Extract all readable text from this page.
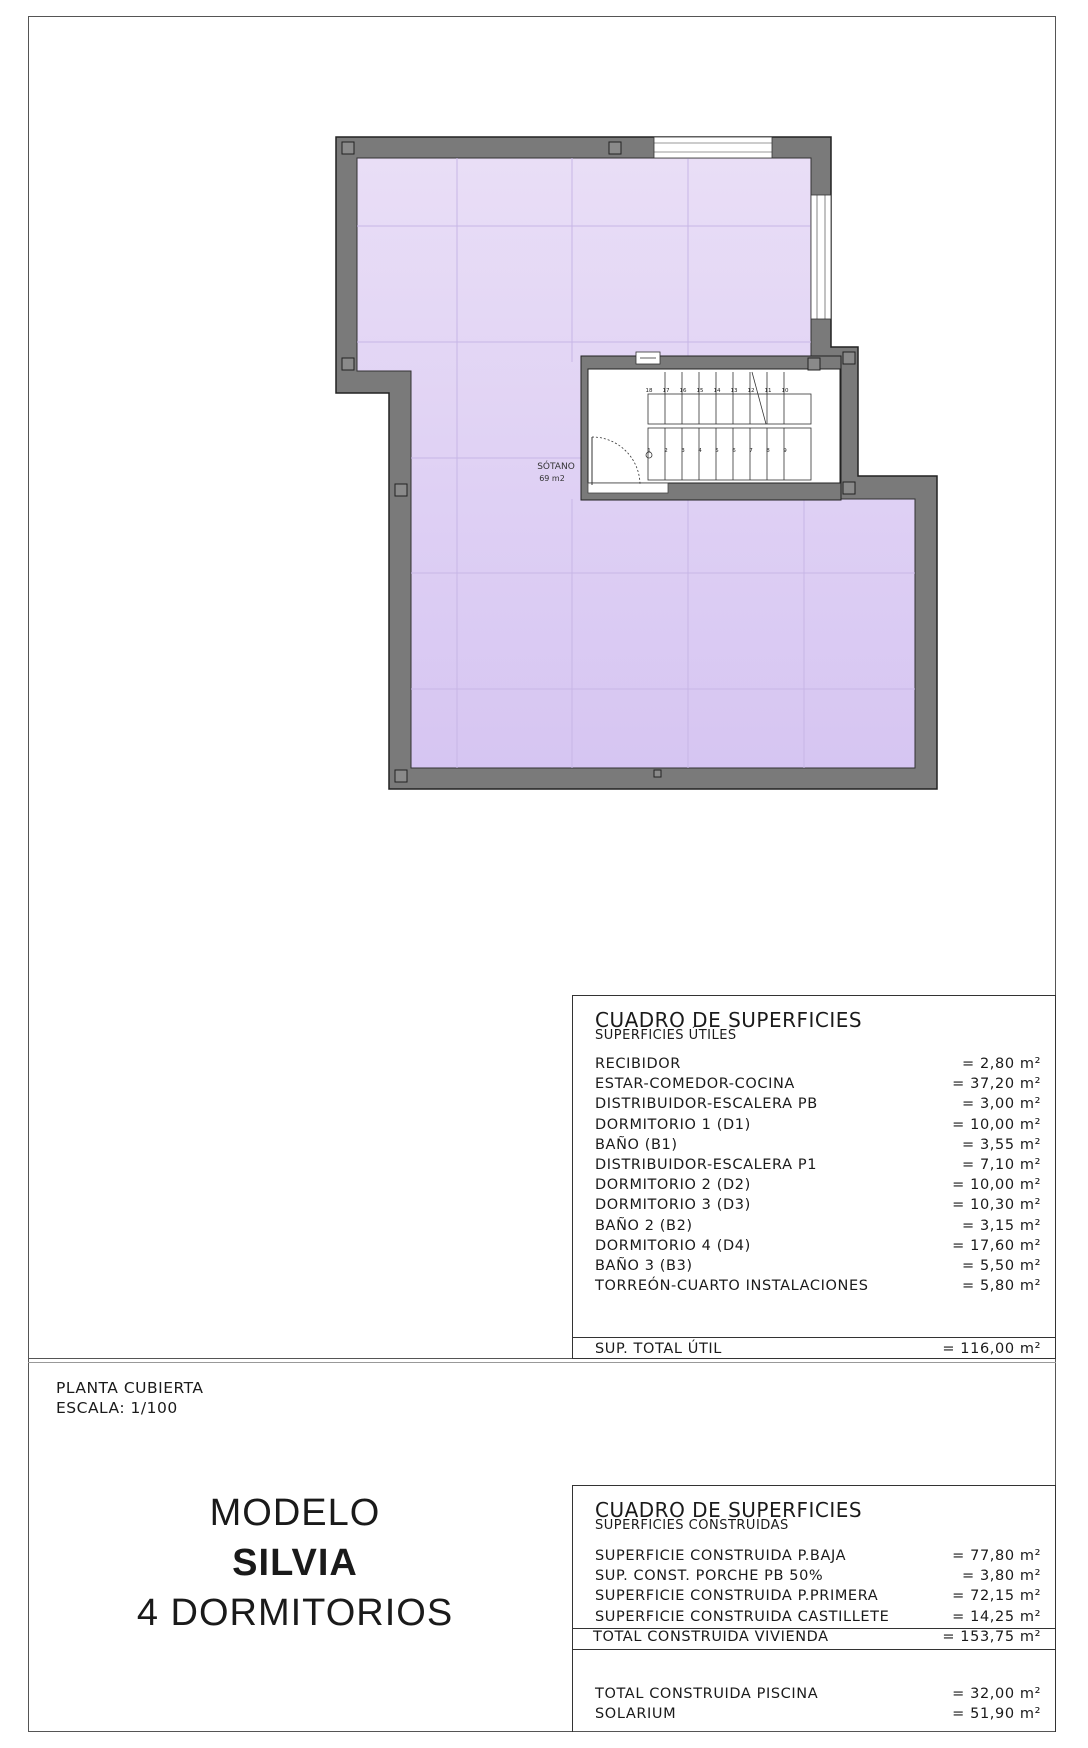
18 17 16 15 14 13 12 11 10
1 2 3 4 5 6 7 8 9
SÓTANO
69 m2
CUADRO DE SUPERFICIES
SUPERFICIES ÚTILES
RECIBIDOR	= 2,80 m²
ESTAR-COMEDOR-COCINA	= 37,20 m²
DISTRIBUIDOR-ESCALERA PB	= 3,00 m²
DORMITORIO 1 (D1)	= 10,00 m²
BAÑO (B1)	= 3,55 m²
DISTRIBUIDOR-ESCALERA P1	= 7,10 m²
DORMITORIO 2 (D2)	= 10,00 m²
DORMITORIO 3 (D3)	= 10,30 m²
BAÑO 2 (B2)	= 3,15 m²
DORMITORIO 4 (D4)	= 17,60 m²
BAÑO 3 (B3)	= 5,50 m²
TORREÓN-CUARTO INSTALACIONES	= 5,80 m²
SUP. TOTAL ÚTIL	= 116,00 m²
PLANTA CUBIERTA
ESCALA: 1/100
MODELO
SILVIA
4 DORMITORIOS
CUADRO DE SUPERFICIES
SUPERFICIES CONSTRUIDAS
SUPERFICIE CONSTRUIDA P.BAJA	= 77,80 m²
SUP. CONST. PORCHE PB 50%	= 3,80 m²
SUPERFICIE CONSTRUIDA P.PRIMERA	= 72,15 m²
SUPERFICIE CONSTRUIDA CASTILLETE	= 14,25 m²
TOTAL CONSTRUIDA VIVIENDA	= 153,75 m²
TOTAL CONSTRUIDA PISCINA	= 32,00 m²
SOLARIUM	= 51,90 m²
